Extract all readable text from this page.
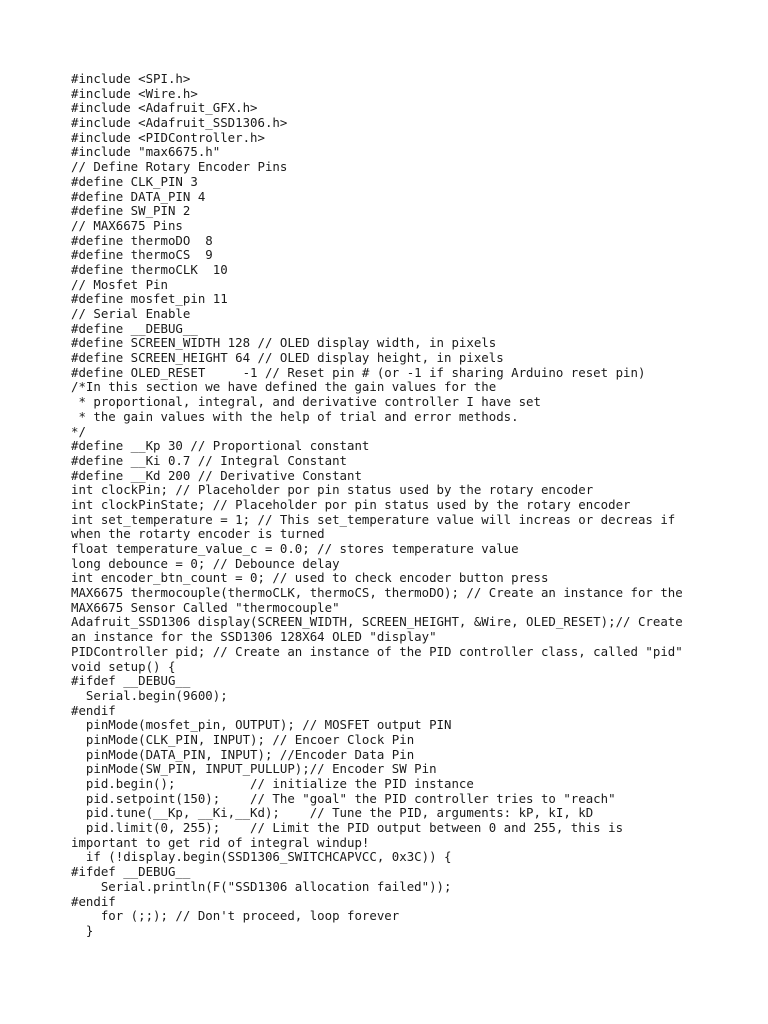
#include <SPI.h>
#include <Wire.h>
#include <Adafruit_GFX.h>
#include <Adafruit_SSD1306.h>
#include <PIDController.h>
#include "max6675.h"
// Define Rotary Encoder Pins
#define CLK_PIN 3
#define DATA_PIN 4
#define SW_PIN 2
// MAX6675 Pins
#define thermoDO  8
#define thermoCS  9
#define thermoCLK  10
// Mosfet Pin
#define mosfet_pin 11
// Serial Enable
#define __DEBUG__
#define SCREEN_WIDTH 128 // OLED display width, in pixels
#define SCREEN_HEIGHT 64 // OLED display height, in pixels
#define OLED_RESET     -1 // Reset pin # (or -1 if sharing Arduino reset pin)
/*In this section we have defined the gain values for the
* proportional, integral, and derivative controller I have set
* the gain values with the help of trial and error methods.
*/
#define __Kp 30 // Proportional constant
#define __Ki 0.7 // Integral Constant
#define __Kd 200 // Derivative Constant
int clockPin; // Placeholder por pin status used by the rotary encoder
int clockPinState; // Placeholder por pin status used by the rotary encoder
int set_temperature = 1; // This set_temperature value will increas or decreas if
when the rotarty encoder is turned
float temperature_value_c = 0.0; // stores temperature value
long debounce = 0; // Debounce delay
int encoder_btn_count = 0; // used to check encoder button press
MAX6675 thermocouple(thermoCLK, thermoCS, thermoDO); // Create an instance for the
MAX6675 Sensor Called "thermocouple"
Adafruit_SSD1306 display(SCREEN_WIDTH, SCREEN_HEIGHT, &Wire, OLED_RESET);// Create
an instance for the SSD1306 128X64 OLED "display"
PIDController pid; // Create an instance of the PID controller class, called "pid"
void setup() {
#ifdef __DEBUG__
Serial.begin(9600);
#endif
pinMode(mosfet_pin, OUTPUT); // MOSFET output PIN
pinMode(CLK_PIN, INPUT); // Encoer Clock Pin
pinMode(DATA_PIN, INPUT); //Encoder Data Pin
pinMode(SW_PIN, INPUT_PULLUP);// Encoder SW Pin
pid.begin();          // initialize the PID instance
pid.setpoint(150);    // The "goal" the PID controller tries to "reach"
pid.tune(__Kp, __Ki,__Kd);    // Tune the PID, arguments: kP, kI, kD
pid.limit(0, 255);    // Limit the PID output between 0 and 255, this is
important to get rid of integral windup!
if (!display.begin(SSD1306_SWITCHCAPVCC, 0x3C)) {
#ifdef __DEBUG__
Serial.println(F("SSD1306 allocation failed"));
#endif
for (;;); // Don't proceed, loop forever
}
